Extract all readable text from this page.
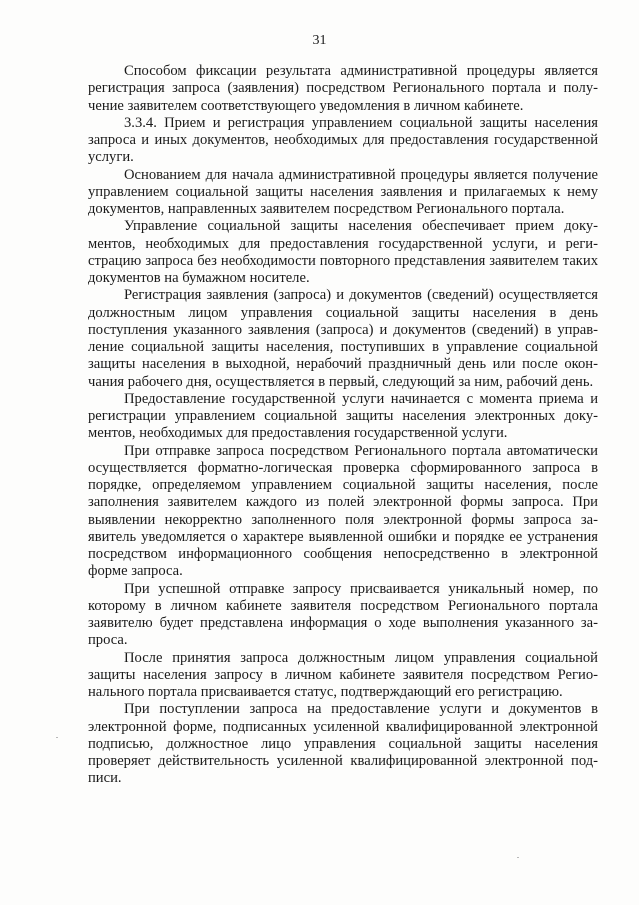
31

Способом фиксации результата административной процедуры является регистрация запроса (заявления) посредством Регионального портала и получение заявителем соответствующего уведомления в личном кабинете.

3.3.4. Прием и регистрация управлением социальной защиты населения запроса и иных документов, необходимых для предоставления государственной услуги.

Основанием для начала административной процедуры является получение управлением социальной защиты населения заявления и прилагаемых к нему документов, направленных заявителем посредством Регионального портала.

Управление социальной защиты населения обеспечивает прием документов, необходимых для предоставления государственной услуги, и регистрацию запроса без необходимости повторного представления заявителем таких документов на бумажном носителе.

Регистрация заявления (запроса) и документов (сведений) осуществляется должностным лицом управления социальной защиты населения в день поступления указанного заявления (запроса) и документов (сведений) в управление социальной защиты населения, поступивших в управление социальной защиты населения в выходной, нерабочий праздничный день или после окончания рабочего дня, осуществляется в первый, следующий за ним, рабочий день.

Предоставление государственной услуги начинается с момента приема и регистрации управлением социальной защиты населения электронных документов, необходимых для предоставления государственной услуги.

При отправке запроса посредством Регионального портала автоматически осуществляется форматно-логическая проверка сформированного запроса в порядке, определяемом управлением социальной защиты населения, после заполнения заявителем каждого из полей электронной формы запроса. При выявлении некорректно заполненного поля электронной формы запроса заявитель уведомляется о характере выявленной ошибки и порядке ее устранения посредством информационного сообщения непосредственно в электронной форме запроса.

При успешной отправке запросу присваивается уникальный номер, по которому в личном кабинете заявителя посредством Регионального портала заявителю будет представлена информация о ходе выполнения указанного запроса.

После принятия запроса должностным лицом управления социальной защиты населения запросу в личном кабинете заявителя посредством Регионального портала присваивается статус, подтверждающий его регистрацию.

При поступлении запроса на предоставление услуги и документов в электронной форме, подписанных усиленной квалифицированной электронной подписью, должностное лицо управления социальной защиты населения проверяет действительность усиленной квалифицированной электронной подписи.
